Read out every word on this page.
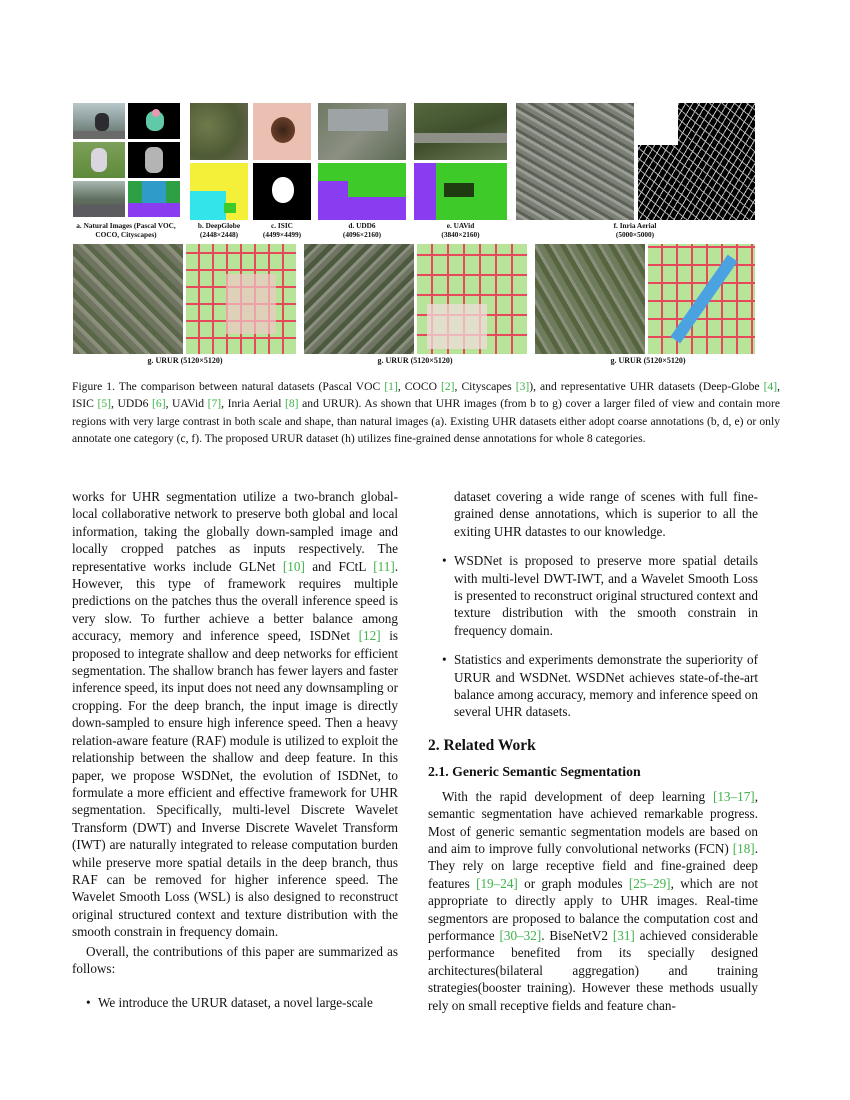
a. Natural Images (Pascal VOC,
COCO, Cityscapes)
b. DeepGlobe
(2448×2448)
c. ISIC
(4499×4499)
d. UDD6
(4096×2160)
e. UAVid
(3840×2160)
f. Inria Aerial
(5000×5000)
g. URUR (5120×5120)	g. URUR (5120×5120)	g. URUR (5120×5120)

Figure 1. The comparison between natural datasets (Pascal VOC [1], COCO [2], Cityscapes [3]), and representative UHR datasets (Deep-Globe [4], ISIC [5], UDD6 [6], UAVid [7], Inria Aerial [8] and URUR). As shown that UHR images (from b to g) cover a larger filed of view and contain more regions with very large contrast in both scale and shape, than natural images (a). Existing UHR datasets either adopt coarse annotations (b, d, e) or only annotate one category (c, f). The proposed URUR dataset (h) utilizes fine-grained dense annotations for whole 8 categories.

works for UHR segmentation utilize a two-branch global-local collaborative network to preserve both global and local information, taking the globally down-sampled image and locally cropped patches as inputs respectively. The representative works include GLNet [10] and FCtL [11]. However, this type of framework requires multiple predictions on the patches thus the overall inference speed is very slow. To further achieve a better balance among accuracy, memory and inference speed, ISDNet [12] is proposed to integrate shallow and deep networks for efficient segmentation. The shallow branch has fewer layers and faster inference speed, its input does not need any downsampling or cropping. For the deep branch, the input image is directly down-sampled to ensure high inference speed. Then a heavy relation-aware feature (RAF) module is utilized to exploit the relationship between the shallow and deep feature. In this paper, we propose WSDNet, the evolution of ISDNet, to formulate a more efficient and effective framework for UHR segmentation. Specifically, multi-level Discrete Wavelet Transform (DWT) and Inverse Discrete Wavelet Transform (IWT) are naturally integrated to release computation burden while preserve more spatial details in the deep branch, thus RAF can be removed for higher inference speed. The Wavelet Smooth Loss (WSL) is also designed to reconstruct original structured context and texture distribution with the smooth constrain in frequency domain.

Overall, the contributions of this paper are summarized as follows:

• We introduce the URUR dataset, a novel large-scale
dataset covering a wide range of scenes with full fine-grained dense annotations, which is superior to all the exiting UHR datastes to our knowledge.
• WSDNet is proposed to preserve more spatial details with multi-level DWT-IWT, and a Wavelet Smooth Loss is presented to reconstruct original structured context and texture distribution with the smooth constrain in frequency domain.
• Statistics and experiments demonstrate the superiority of URUR and WSDNet. WSDNet achieves state-of-the-art balance among accuracy, memory and inference speed on several UHR datasets.
2. Related Work
2.1. Generic Semantic Segmentation

With the rapid development of deep learning [13–17], semantic segmentation have achieved remarkable progress. Most of generic semantic segmentation models are based on and aim to improve fully convolutional networks (FCN) [18]. They rely on large receptive field and fine-grained deep features [19–24] or graph modules [25–29], which are not appropriate to directly apply to UHR images. Real-time segmentors are proposed to balance the computation cost and performance [30–32]. BiseNetV2 [31] achieved considerable performance benefited from its specially designed architectures(bilateral aggregation) and training strategies(booster training). However these methods usually rely on small receptive fields and feature chan-
